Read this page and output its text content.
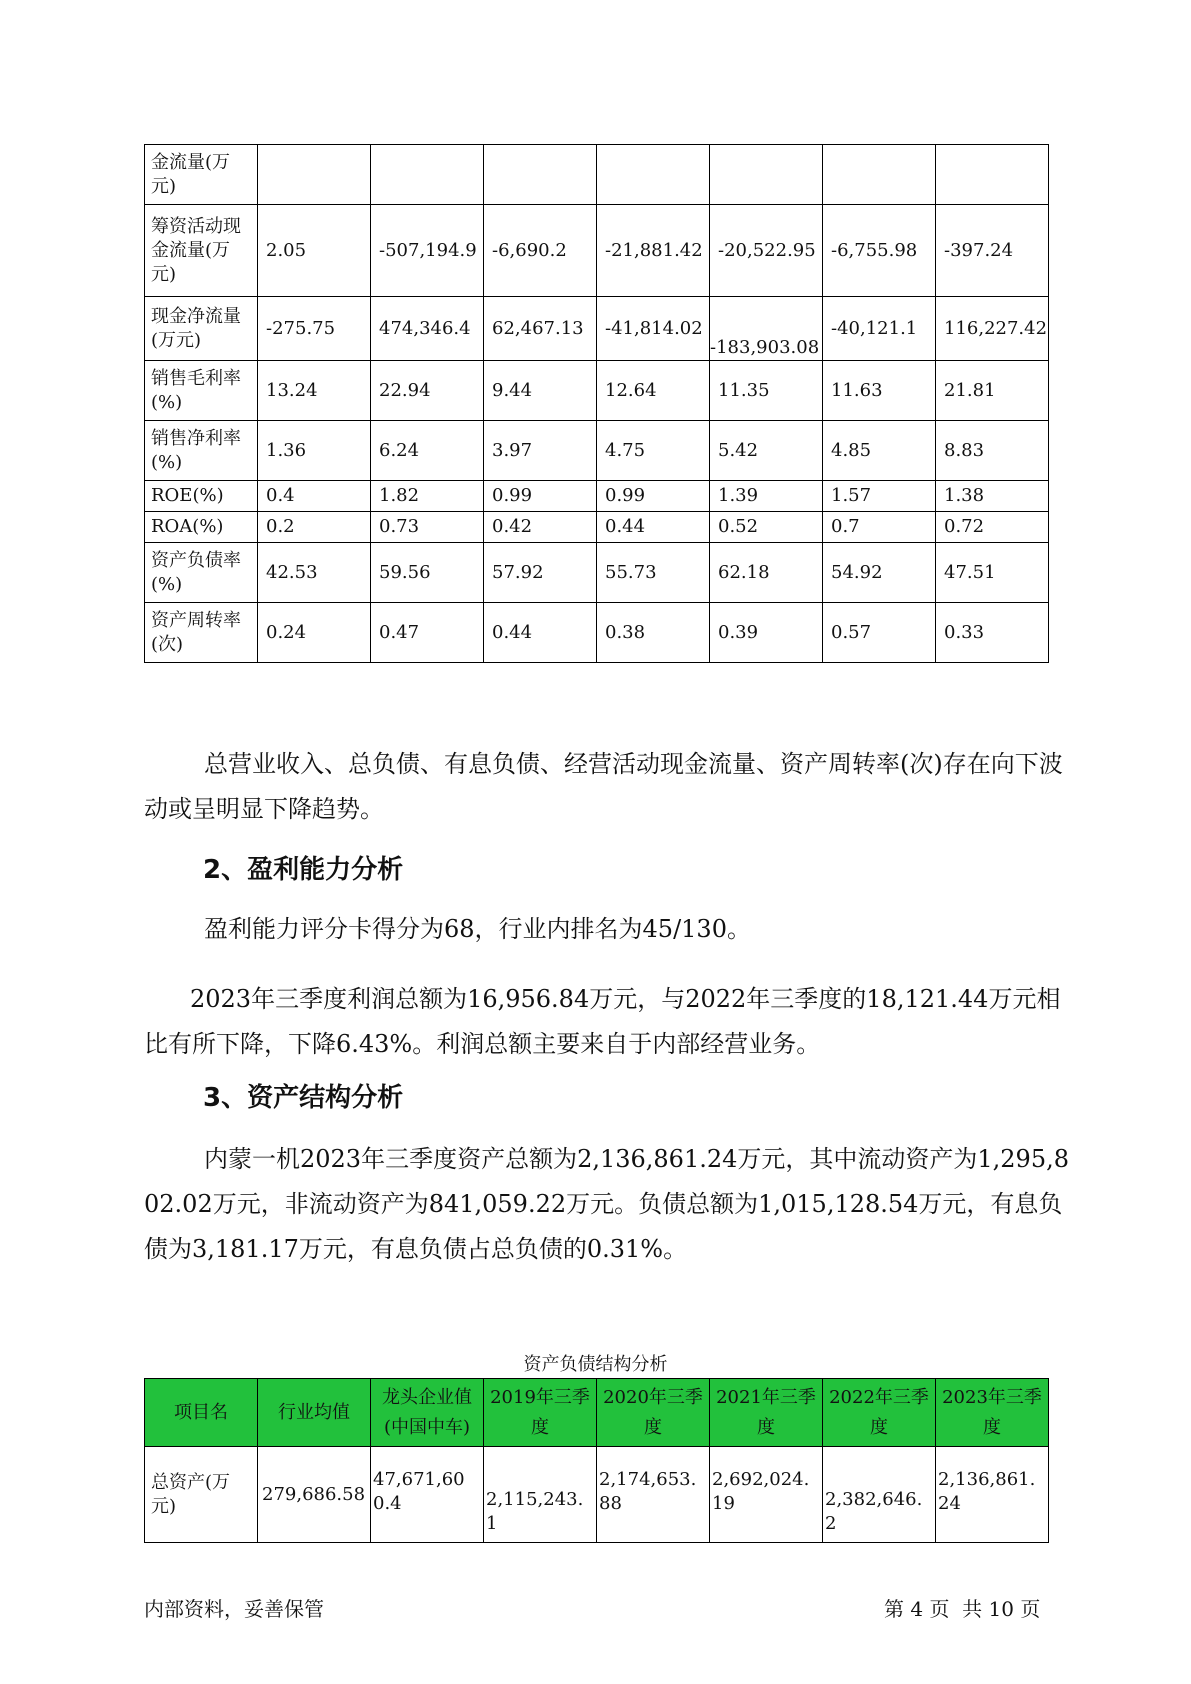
金流量(万元)							
筹资活动现金流量(万元)	2.05	-507,194.9	-6,690.2	-21,881.42	-20,522.95	-6,755.98	-397.24
现金净流量(万元)	-275.75	474,346.4	62,467.13	-41,814.02	-183,903.08	-40,121.1	116,227.42
销售毛利率(%)	13.24	22.94	9.44	12.64	11.35	11.63	21.81
销售净利率(%)	1.36	6.24	3.97	4.75	5.42	4.85	8.83
ROE(%)	0.4	1.82	0.99	0.99	1.39	1.57	1.38
ROA(%)	0.2	0.73	0.42	0.44	0.52	0.7	0.72
资产负债率(%)	42.53	59.56	57.92	55.73	62.18	54.92	47.51
资产周转率(次)	0.24	0.47	0.44	0.38	0.39	0.57	0.33
总营业收入、总负债、有息负债、经营活动现金流量、资产周转率(次)存在向下波动或呈明显下降趋势。
2、盈利能力分析
盈利能力评分卡得分为68，行业内排名为45/130。
2023年三季度利润总额为16,956.84万元，与2022年三季度的18,121.44万元相比有所下降，下降6.43%。利润总额主要来自于内部经营业务。
3、资产结构分析
内蒙一机2023年三季度资产总额为2,136,861.24万元，其中流动资产为1,295,802.02万元，非流动资产为841,059.22万元。负债总额为1,015,128.54万元，有息负债为3,181.17万元，有息负债占总负债的0.31%。
资产负债结构分析
项目名	行业均值	龙头企业值(中国中车)	2019年三季度	2020年三季度	2021年三季度	2022年三季度	2023年三季度
总资产(万元)	279,686.58	47,671,600.4	2,115,243.1	2,174,653.88	2,692,024.19	2,382,646.2	2,136,861.24
内部资料，妥善保管	第 4 页  共 10 页
